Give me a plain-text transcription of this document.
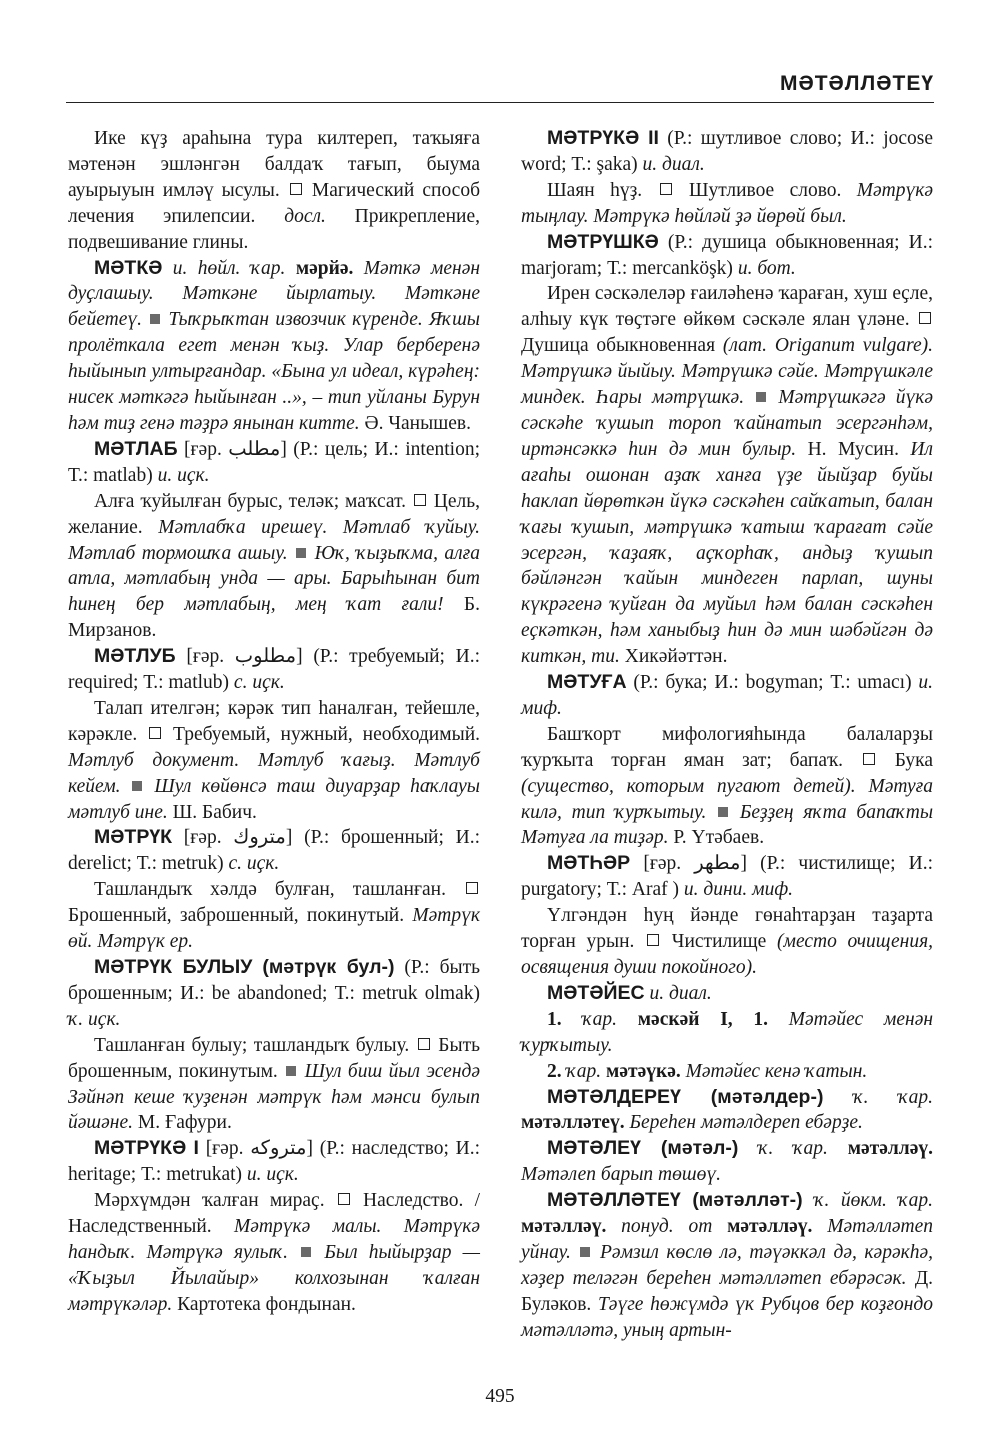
МӘТӘЛЛӘТЕҮ

Ике күҙ араһына тура килтереп, таҡыяға мәтенән эшләнгән балдаҡ тағып, быума ауырыуын имләү ысулы. Магический способ лечения эпилепсии. досл. Прикрепление, подвешивание глины.

МӘТКӘ и. һөйл. ҡар. мәрйә. Мәткә менән дуҫлашыу. Мәткәне йырлатыу. Мәткәне бейетеү. Тыҡрыҡтан извозчик күренде. Яҡшы пролёткала егет менән ҡыҙ. Улар берберенә һыйынып ултырғандар. «Бына ул идеал, күрәһең: нисек мәткәгә һыйынған ..», – тип уйланы Бурун һәм тиҙ генә тәҙрә янынан китте. Ә. Чанышев.

МӘТЛАБ [ғәр. مطلب] (Р.: цель; И.: intention; Т.: matlab) и. иҫк.

Алға ҡуйылған бурыс, теләк; маҡсат. Цель, желание. Мәтлабҡа ирешеү. Мәтлаб ҡуйыу. Мәтлаб тормошҡа ашыу. Юҡ, ҡыҙыҡма, алға атла, мәтлабың унда — ары. Барыһынан бит һинең бер мәтлабың, мең ҡат ғали! Б. Мирзанов.

МӘТЛУБ [ғәр. مطلوب] (Р.: требуемый; И.: required; Т.: matlub) с. иҫк.

Талап ителгән; кәрәк тип һаналған, тейешле, кәрәкле. Требуемый, нужный, необходимый. Мәтлуб документ. Мәтлуб ҡағыҙ. Мәтлуб кейем. Шул көйөнсә таш диуарҙар һаҡлауы мәтлуб ине. Ш. Бабич.

МӘТРҮК [ғәр. متروك] (Р.: брошенный; И.: derelict; Т.: metruk) с. иҫк.

Ташландыҡ хәлдә булған, ташланған.  Брошенный, заброшенный, покинутый. Мәтрүк өй. Мәтрүк ер.

МӘТРҮК БУЛЫУ (мәтрүк бул-) (Р.: быть брошенным; И.: be abandoned; Т.: metruk olmak) ҡ. иҫк.

Ташланған булыу; ташландыҡ булыу. Быть брошенным, покинутым. Шул биш йыл эсендә Зәйнәп кеше ҡуҙенән мәтрүк һәм мәнси булып йәшәне. М. Ғафури.

МӘТРҮКӘ I [ғәр. متروكه] (Р.: наследство; И.: heritage; Т.: metrukat) и. иҫк.

Мәрхүмдән ҡалған мираҫ. Наследство. / Наследственный. Мәтрүкә малы. Мәтрүкә һандыҡ. Мәтрүкә яулыҡ. Был һыйырҙар — «Ҡыҙыл Йылайыр» колхозынан ҡалған мәтрүкәләр. Картотека фондынан.

МӘТРҮКӘ II (Р.: шутливое слово; И.: jocose word; Т.: şaka) и. диал.

Шаян һүҙ. Шутливое слово. Мәтрүкә тыңлау. Мәтрүкә һөйләй ҙә йөрөй был.

МӘТРҮШКӘ (Р.: душица обыкновенная; И.: marjoram; Т.: mercanköşk) и. бот.

Ирен сәскәлеләр ғаиләһенә ҡараған, хуш еҫле, алһыу күк төҫтәге өйкөм сәскәле ялан үләне.  Душица обыкновенная (лат. Origanum vulgare). Мәтрүшкә йыйыу. Мәтрүшкә сәйе. Мәтрүшкәле миндек. Һары мәтрүшкә. Мәтрүшкәгә йүкә сәскәһе ҡушып тороп ҡайнатып эсергәнһәм, иртәнсәккә һин дә мин булыр. Н. Мусин. Ил ағаһы ошонан аҙаҡ ханға үҙе йыйҙар буйы һаклап йөрөткән йүкә сәскәһен сайҡатып, балан ҡағы ҡушып, мәтрүшкә ҡатыш ҡарағат сәйе эсергән, ҡаҙаяҡ, аҫҡорһаҡ, андыҙ ҡушып бәйләнгән ҡайын миндеген парлап, шуны күкрәгенә ҡуйған да муйыл һәм балан сәскәһен еҫкәткән, һәм ханыбыҙ һин дә мин шәбәйгән дә киткән, ти. Хикәйәттән.

МӘТУҒА (Р.: бука; И.: bogyman; Т.: umacı) и. миф.

Башҡорт мифологияһында балаларҙы ҡурҡыта торған яман зат; бапаҡ.	Бука (существо, которым пугают детей). Мәтуға килә, тип ҡурҡытыу. Беҙҙең яҡта бапаҡты Мәтуға ла тиҙәр. Р. Үтәбаев.

МӘТҺӘР [ғәр. مطهر] (Р.: чистилище; И.: purgatory; Т.: Araf ) и. дини. миф.

Үлгәндән һуң йәнде гөнаһтарҙан таҙарта торған урын. Чистилище (место очищения, освящения души покойного).

МӘТӘЙЕС и. диал.

1. ҡар. мәскәй I, 1. Мәтәйес менән ҡурҡытыу.

2. ҡар. мәтәүкә. Мәтәйес кенә ҡатын.

МӘТӘЛДЕРЕҮ (мәтәлдер-) ҡ. ҡар. мәтәлләтеү. Береһен мәтәлдереп ебәрҙе.

МӘТӘЛЕҮ (мәтәл-) ҡ. ҡар. мәтәлләү. Мәтәлеп барып төшөү.

МӘТӘЛЛӘТЕҮ (мәтәлләт-) ҡ. йөкм. ҡар. мәтәлләү. понуд. от мәтәлләү. Мәтәлләтеп уйнау. Рәмзил көслө лә, тәүәккәл дә, кәрәкһә, хәҙер теләгән береһен мәтәлләтеп ебәрәсәк. Д. Буләков. Тәүге һөжүмдә үк Рубцов бер коҙғондо мәтәлләтә, уның артын-

495
